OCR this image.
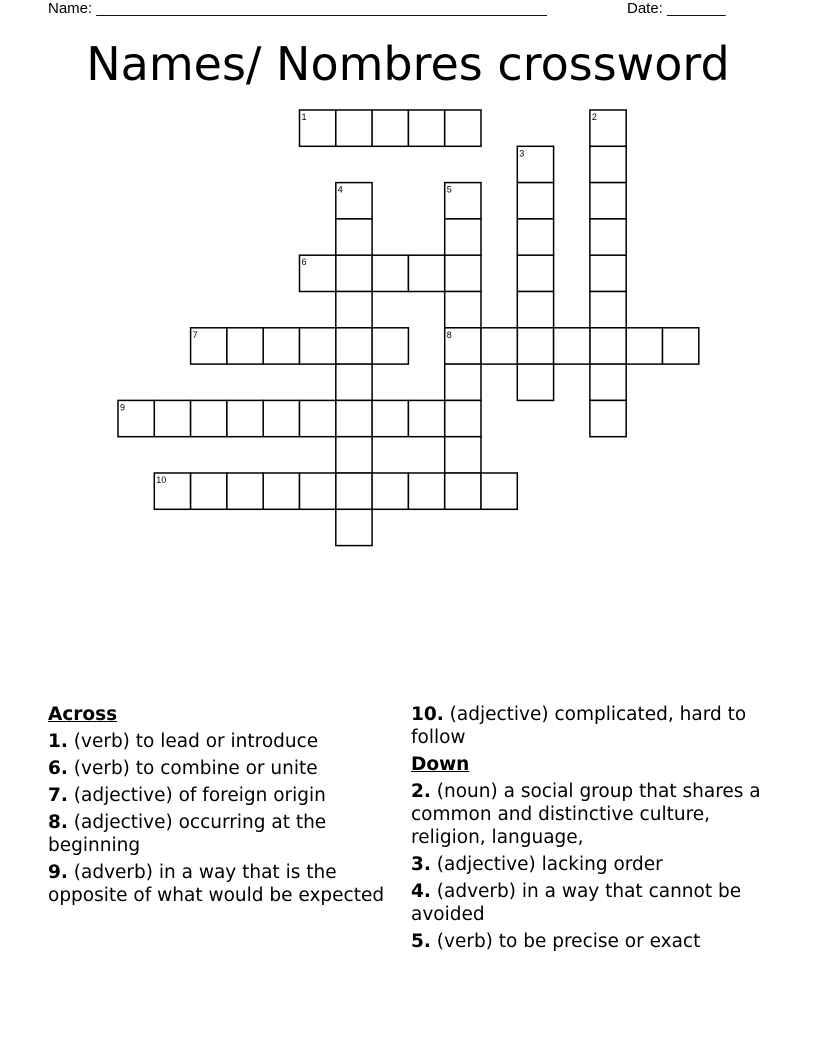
Name: ______________________________________________________	Date: _______
Names/ Nombres crossword
1	2
3
4	5
6
7	8
9
10
Across
1. (verb) to lead or introduce
6. (verb) to combine or unite
7. (adjective) of foreign origin
8. (adjective) occurring at the beginning
9. (adverb) in a way that is the opposite of what would be expected
10. (adjective) complicated, hard to follow
Down
2. (noun) a social group that shares a common and distinctive culture, religion, language,
3. (adjective) lacking order
4. (adverb) in a way that cannot be avoided
5. (verb) to be precise or exact
